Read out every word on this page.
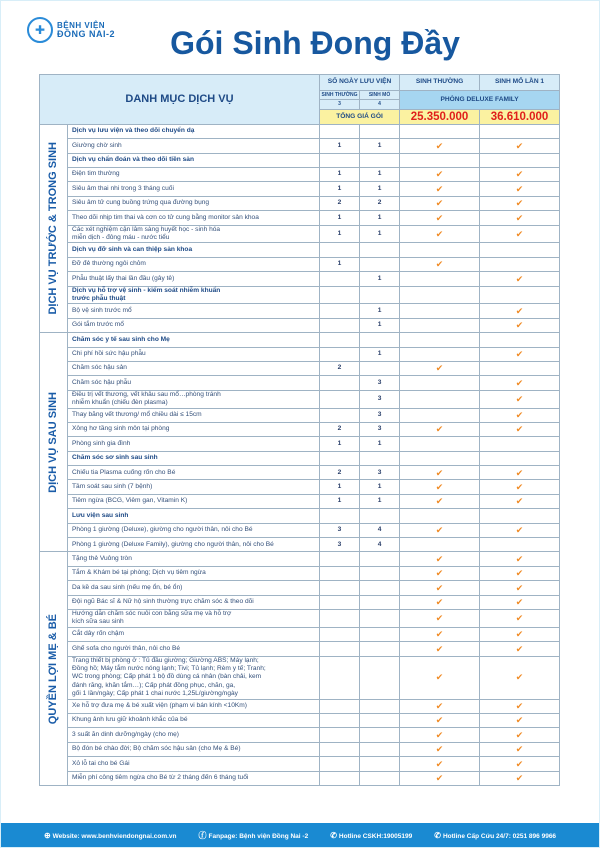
✚	BỆNH VIỆN
ĐỒNG NAI-2	Gói Sinh Đong Đầy
DANH MỤC DỊCH VỤ		SỐ NGÀY LƯU VIỆN		SINH THƯỜNG	SINH MỔ LẦN 1
		SINH THƯỜNG	SINH MỔ	PHÒNG DELUXE FAMILY	
		3	4		
		TỔNG GIÁ GÓI		25.350.000	36.610.000

DỊCH VỤ TRƯỚC & TRONG SINH	Dịch vụ lưu viện và theo dõi chuyển dạ				
	Giường chờ sinh	1	1	✔	✔
	Dịch vụ chẩn đoán và theo dõi tiền sản				
	Điện tim thường	1	1	✔	✔
	Siêu âm thai nhi trong 3 tháng cuối	1	1	✔	✔
	Siêu âm tử cung buồng trứng qua đường bụng	2	2	✔	✔
	Theo dõi nhịp tim thai và cơn co tử cung bằng monitor sản khoa	1	1	✔	✔
	Các xét nghiệm cận lâm sàng huyết học - sinh hóa
miễn dịch - đông máu - nước tiểu	1	1	✔	✔
	Dịch vụ đỡ sinh và can thiệp sản khoa				
	Đỡ đẻ thường ngôi chỏm	1		✔	
	Phẫu thuật lấy thai lần đầu (gây tê)		1		✔
	Dịch vụ hỗ trợ vệ sinh - kiểm soát nhiễm khuẩn
trước phẫu thuật				
	Bộ vệ sinh trước mổ		1		✔
	Gói tắm trước mổ		1		✔

DỊCH VỤ SAU SINH	Chăm sóc y tế sau sinh cho Mẹ				
	Chi phí hồi sức hậu phẫu		1		✔
	Chăm sóc hậu sản	2		✔	
	Chăm sóc hậu phẫu		3		✔
	Điều trị vết thương, vết khâu sau mổ…phòng tránh
nhiễm khuẩn (chiếu đèn plasma)		3		✔
	Thay băng vết thương/ mổ chiều dài ≤ 15cm		3		✔
	Xông hơ tầng sinh môn tại phòng	2	3	✔	✔
	Phòng sinh gia đình	1	1		
	Chăm sóc sơ sinh sau sinh				
	Chiếu tia Plasma cuống rốn cho Bé	2	3	✔	✔
	Tầm soát sau sinh (7 bệnh)	1	1	✔	✔
	Tiêm ngừa (BCG, Viêm gan, Vitamin K)	1	1	✔	✔
	Lưu viện sau sinh				
	Phòng 1 giường (Deluxe), giường cho người thân, nôi cho Bé	3	4	✔	✔
	Phòng 1 giường (Deluxe Family), giường cho người thân, nôi cho Bé	3	4		

QUYỀN LỢI MẸ & BÉ	Tặng thẻ Vuông tròn			✔	✔
	Tắm & Khám bé tại phòng; Dịch vụ tiêm ngừa			✔	✔
	Da kề da sau sinh (nếu mẹ ổn, bé ổn)			✔	✔
	Đội ngũ Bác sĩ & Nữ hộ sinh thường trực chăm sóc & theo dõi			✔	✔
	Hướng dẫn chăm sóc nuôi con bằng sữa mẹ và hỗ trợ
kích sữa sau sinh			✔	✔
	Cắt dây rốn chậm			✔	✔
	Ghế sofa cho người thân, nôi cho Bé			✔	✔
	Trang thiết bị phòng ở : Tủ đầu giường; Giường ABS; Máy lạnh;
Đồng hồ; Máy tắm nước nóng lạnh; Tivi; Tủ lạnh; Rèm y tế; Tranh;
WC trong phòng; Cấp phát 1 bộ đồ dùng cá nhân (bàn chải, kem
đánh răng, khăn tắm…); Cấp phát đồng phục, chăn, ga,
gối 1 lần/ngày; Cấp phát 1 chai nước 1,25L/giường/ngày			✔	✔
	Xe hỗ trợ đưa mẹ & bé xuất viện (phạm vi bán kính <10Km)			✔	✔
	Khung ảnh lưu giữ khoảnh khắc của bé			✔	✔
	3 suất ăn dinh dưỡng/ngày (cho mẹ)			✔	✔
	Bộ đón bé chào đời; Bộ chăm sóc hậu sản (cho Mẹ & Bé)			✔	✔
	Xỏ lỗ tai cho bé Gái			✔	✔
	Miễn phí công tiêm ngừa cho Bé từ 2 tháng đến 6 tháng tuổi			✔	✔
⊕ Website: www.benhviendongnai.com.vn	ⓕ Fanpage: Bệnh viện Đồng Nai -2	✆ Hotline CSKH:19005199	✆ Hotline Cấp Cứu 24/7: 0251 896 9966
